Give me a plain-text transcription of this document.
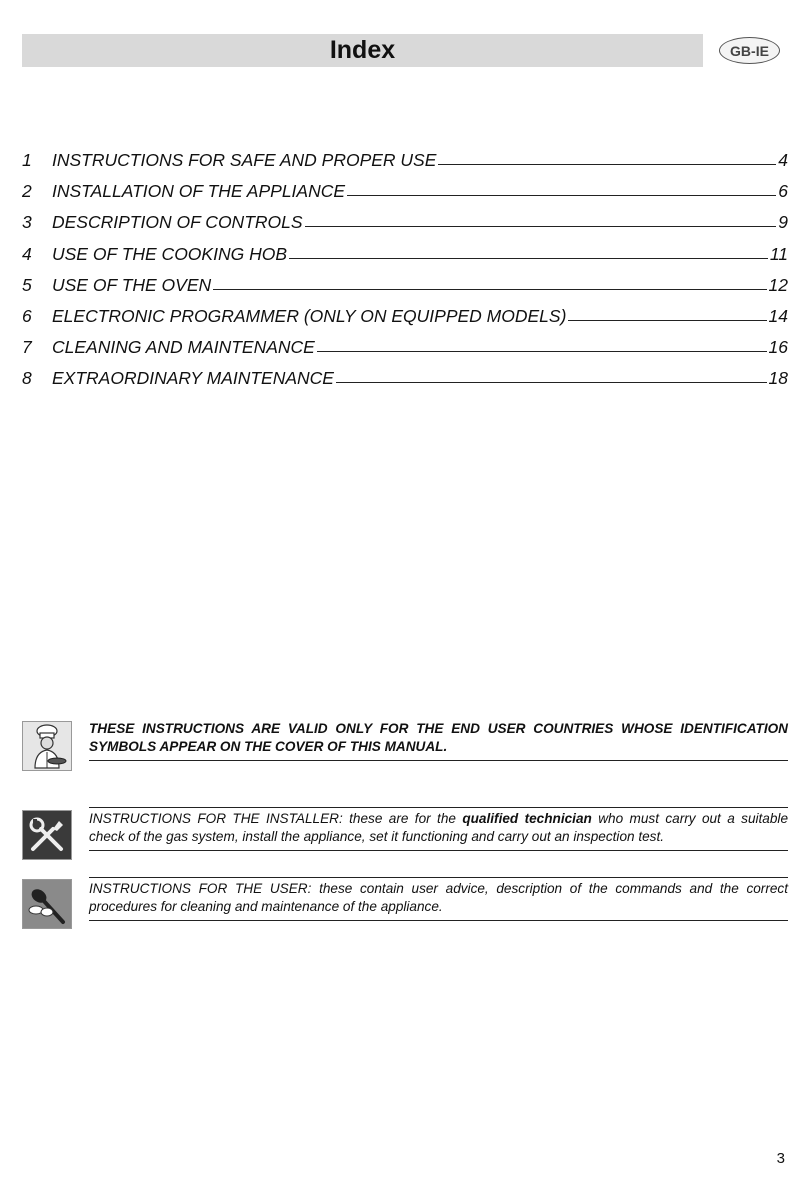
Index	GB-IE
1	INSTRUCTIONS FOR SAFE AND PROPER USE	4
2	INSTALLATION OF THE APPLIANCE	6
3	DESCRIPTION OF CONTROLS	9
4	USE OF THE COOKING HOB	11
5	USE OF THE OVEN	12
6	ELECTRONIC PROGRAMMER (ONLY ON EQUIPPED MODELS)	14
7	CLEANING AND MAINTENANCE	16
8	EXTRAORDINARY MAINTENANCE	18
THESE INSTRUCTIONS ARE VALID ONLY FOR THE END USER COUNTRIES WHOSE IDENTIFICATION SYMBOLS APPEAR ON THE COVER OF THIS MANUAL.
INSTRUCTIONS FOR THE INSTALLER: these are for the qualified technician who must carry out a suitable check of the gas system, install the appliance, set it functioning and carry out an inspection test.
INSTRUCTIONS FOR THE USER: these contain user advice, description of the commands and the correct procedures for cleaning and maintenance of the appliance.
3
